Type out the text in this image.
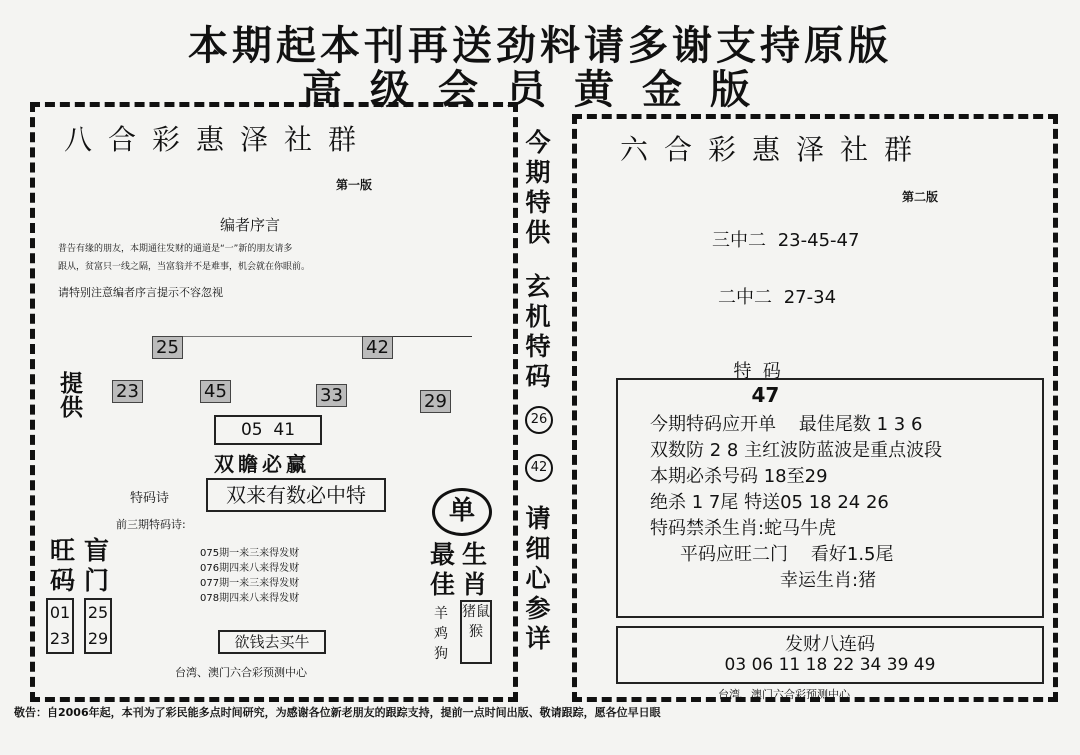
本期起本刊再送劲料请多谢支持原版
高级会员黄金版
八合彩惠泽社群
第一版
编者序言
普告有缘的朋友，本期通往发财的通道是“一”新的朋友请多
跟从，贫富只一线之隔，当富翁并不是难事，机会就在你眼前。
请特别注意编者序言提示不容忽视
25	42
提供
23	45	33	29
05  41
双瞻必赢
特码诗	双来有数必中特
前三期特码诗:
075期一来三来得发财
076期四来八来得发财
077期一来三来得发财
078期四来八来得发财
旺码
盲门
01
23
25
29	欲钱去买牛
台湾、澳门六合彩预测中心
单
最佳
生肖
羊鸡狗
猪鼠猴
今期特供
玄机特码
26
42
请细心参详
六合彩惠泽社群
第二版
三中二 23-45-47
二中二 27-34

特  码
47

今期特码应开单    最佳尾数 1 3 6
双数防 2 8 主红波防蓝波是重点波段
本期必杀号码 18至29
绝杀 1 7尾 特送05 18 24 26
特码禁杀生肖:蛇马牛虎
平码应旺二门    看好1.5尾
幸运生肖:猪
发财八连码
03 06 11 18 22 34 39 49
台湾、澳门六合彩预测中心
敬告：自2006年起，本刊为了彩民能多点时间研究，为感谢各位新老朋友的跟踪支持，提前一点时间出版、敬请跟踪，愿各位早日眼
